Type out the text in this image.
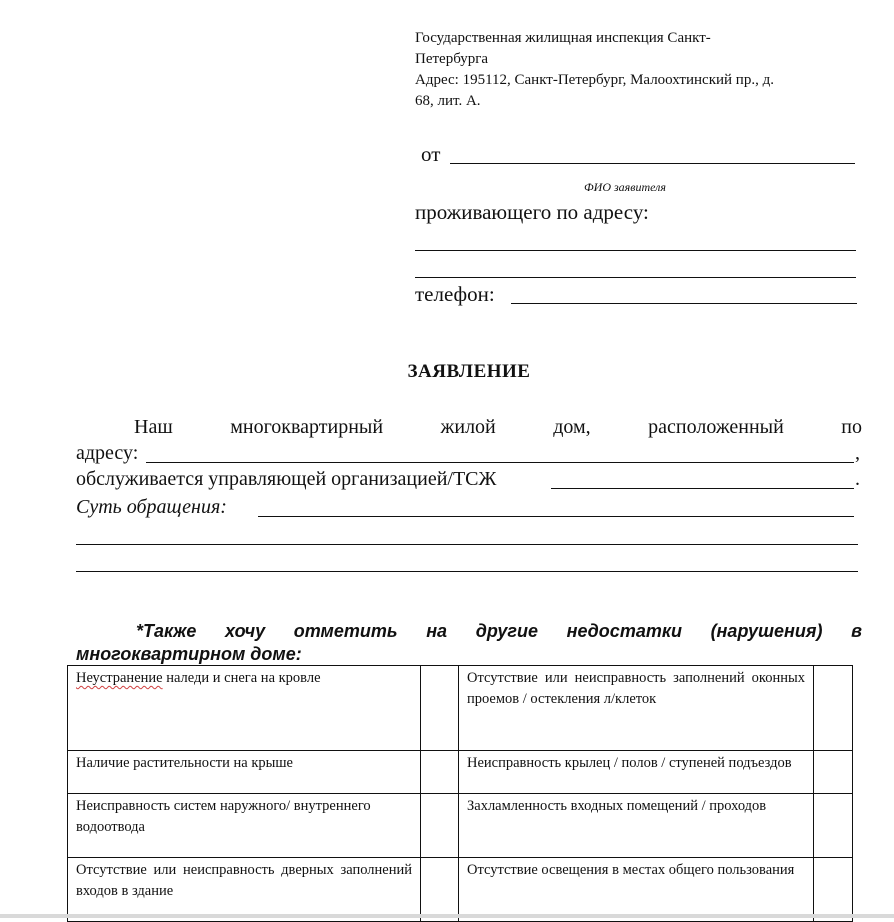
Государственная жилищная инспекция Санкт-
Петербурга
Адрес: 195112, Санкт-Петербург, Малоохтинский пр., д.
68, лит. А.
от
ФИО заявителя
проживающего по адресу:
телефон:
ЗАЯВЛЕНИЕ
Наш	многоквартирный	жилой	дом,	расположенный	по
адресу:	,
обслуживается управляющей организацией/ТСЖ	.
Суть обращения:
*Также хочу отметить на другие недостатки (нарушения) в
многоквартирном доме:
Неустранение наледи и снега на кровле		Отсутствие или неисправность заполнений оконных проемов / остекления л/клеток	
Наличие растительности на крыше		Неисправность крылец / полов / ступеней подъездов	
Неисправность систем наружного/ внутреннего водоотвода		Захламленность входных помещений / проходов	
Отсутствие или неисправность дверных заполнений входов в здание		Отсутствие освещения в местах общего пользования	
